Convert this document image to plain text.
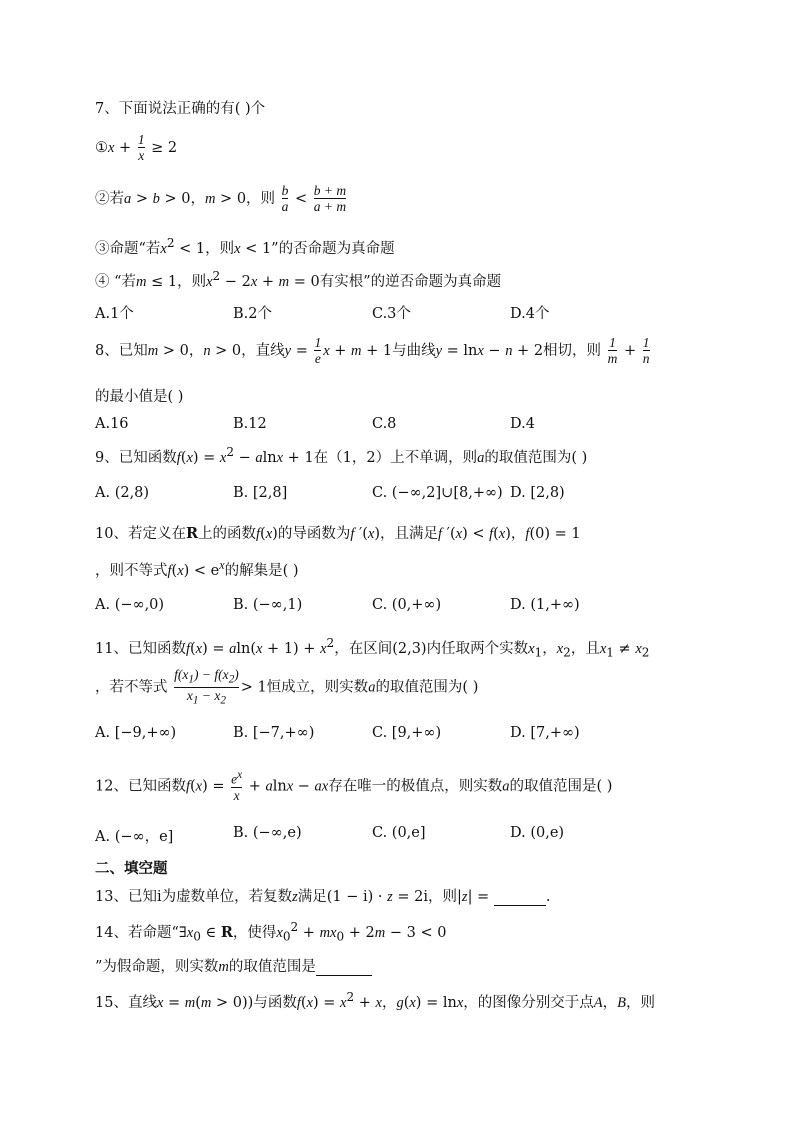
7、下面说法正确的有( )个
①x + $\frac{1}{x} \ge 2$
②若a > b > 0，m > 0，则 $\frac{b}{a} < \frac{b + m}{a + m}$
③命题“若$x^2 < 1$，则x < 1”的否命题为真命题
④ “若m ≤ 1，则$x^2 - 2x + m = 0$有实根”的逆否命题为真命题
A.1个	B.2个	C.3个	D.4个
8、已知m > 0，n > 0，直线$y = \frac{1}{e}$ x + m + 1与曲线y = lnx − n + 2相切，则 $\frac{1}{m} + \frac{1}{n}$
的最小值是( )
A.16	B.12	C.8	D.4
9、已知函数$f(x) = x^2 - alnx + 1$在（1，2）上不单调，则a的取值范围为( )
A. (2,8)	B. [2,8]	C. (−∞,2]∪[8,+∞) D. [2,8)
10、若定义在R上的函数f(x)的导函数为f ′(x)，且满足f ′(x) < f(x)，f(0) = 1
，则不等式$f(x) < e^x$的解集是( )
A. (−∞,0)	B. (−∞,1)	C. (0,+∞)	D. (1,+∞)
11、已知函数$f(x) = aln(x + 1) + x^2$，在区间(2,3)内任取两个实数$x_1$，$x_2$，且$x_1 \ne x_2$
，若不等式 $\frac{f(x_1) - f(x_2)}{x_1 - x_2} > 1$恒成立，则实数a的取值范围为( )
A. [−9,+∞)	B. [−7,+∞)	C. [9,+∞)	D. [7,+∞)
12、已知函数$f(x) = \frac{e^x}{x} + alnx$ − ax存在唯一的极值点，则实数a的取值范围是( )
A. (−∞，e]	B. (−∞,e)	C. (0,e]	D. (0,e)
二、填空题
13、已知i为虚数单位，若复数z满足(1 − i) · z = 2i，则|z| =	.
14、若命题“$\exists x_0$ ∈ R，使得$x_0^2 + mx_0 + 2m - 3 < 0$
”为假命题，则实数m的取值范围是
15、直线x = m(m > 0))与函数$f(x) = x^2 + x$，g(x) = lnx，的图像分别交于点A，B，则
